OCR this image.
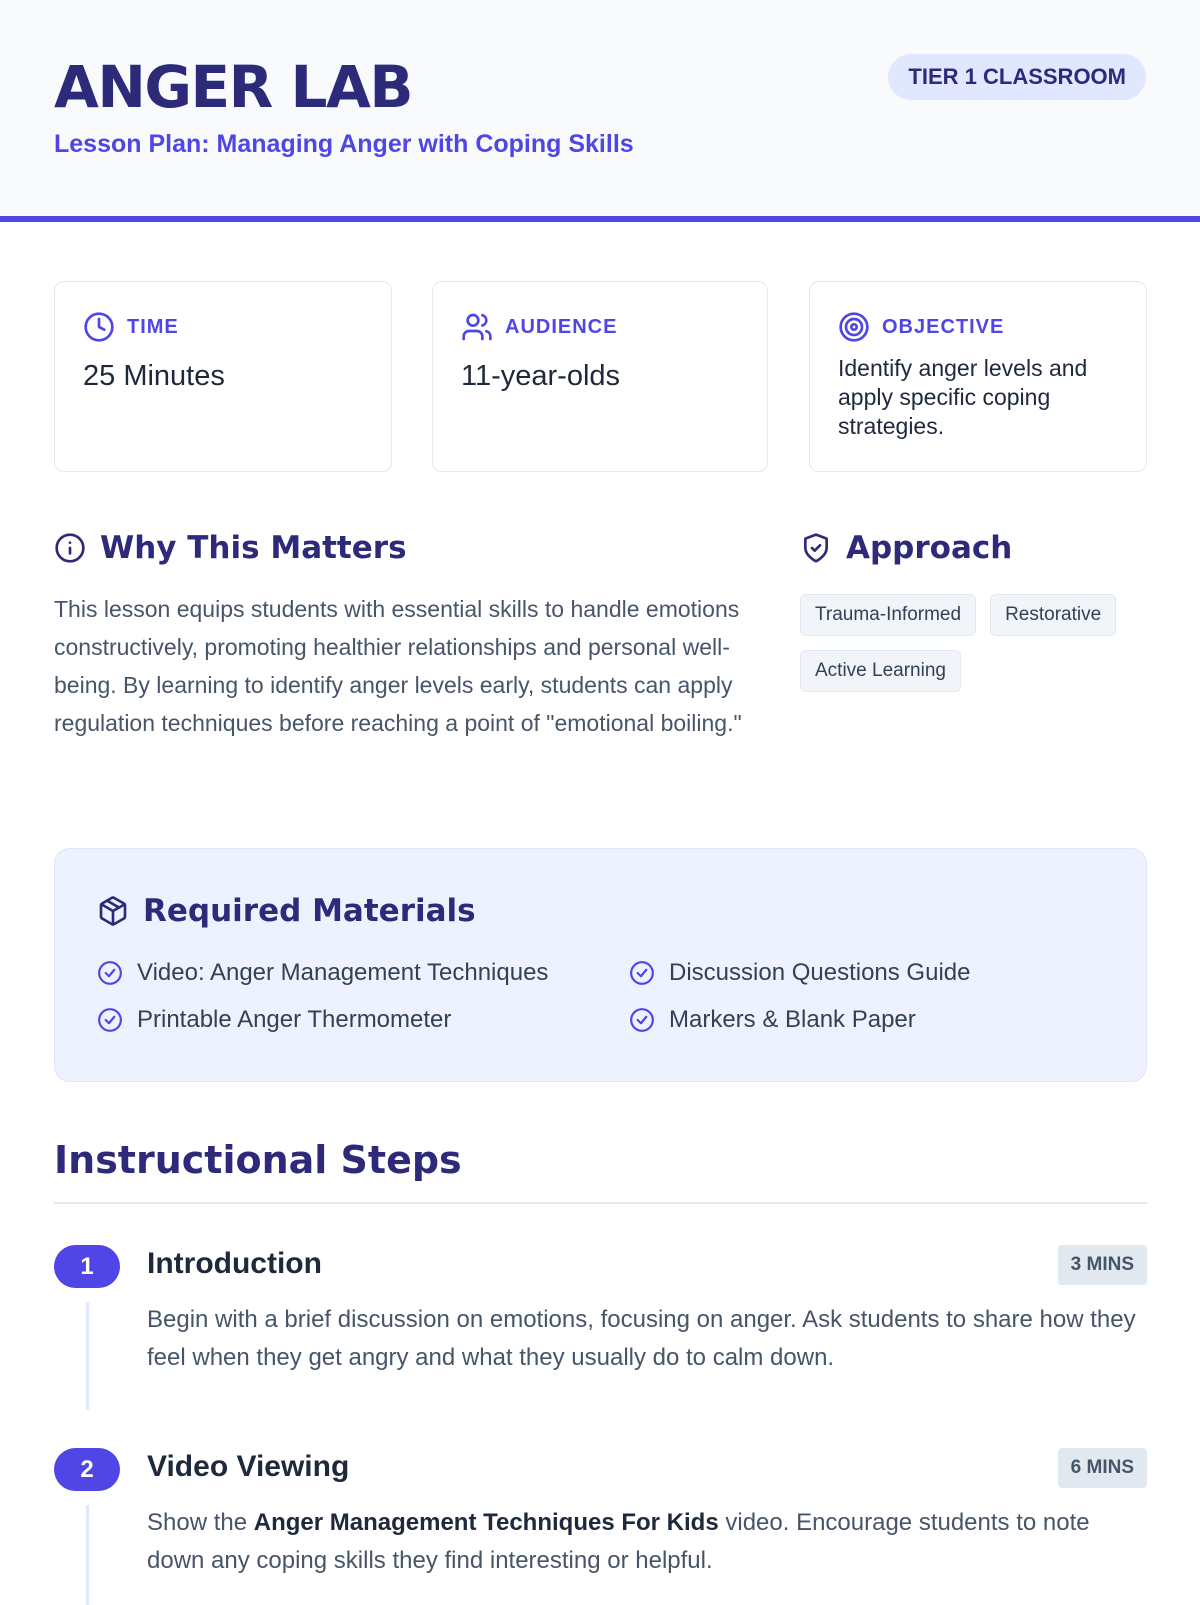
ANGER LAB
Lesson Plan: Managing Anger with Coping Skills
TIER 1 CLASSROOM
TIME
25 Minutes
AUDIENCE
11-year-olds
OBJECTIVE
Identify anger levels and apply specific coping strategies.
Why This Matters
This lesson equips students with essential skills to handle emotions constructively, promoting healthier relationships and personal well-being. By learning to identify anger levels early, students can apply regulation techniques before reaching a point of "emotional boiling."
Approach
Trauma-Informed	Restorative
Active Learning
Required Materials
Video: Anger Management Techniques	Discussion Questions Guide
Printable Anger Thermometer	Markers & Blank Paper
Instructional Steps
1	Introduction	3 MINS
Begin with a brief discussion on emotions, focusing on anger. Ask students to share how they feel when they get angry and what they usually do to calm down.
2	Video Viewing	6 MINS
Show the Anger Management Techniques For Kids video. Encourage students to note down any coping skills they find interesting or helpful.
